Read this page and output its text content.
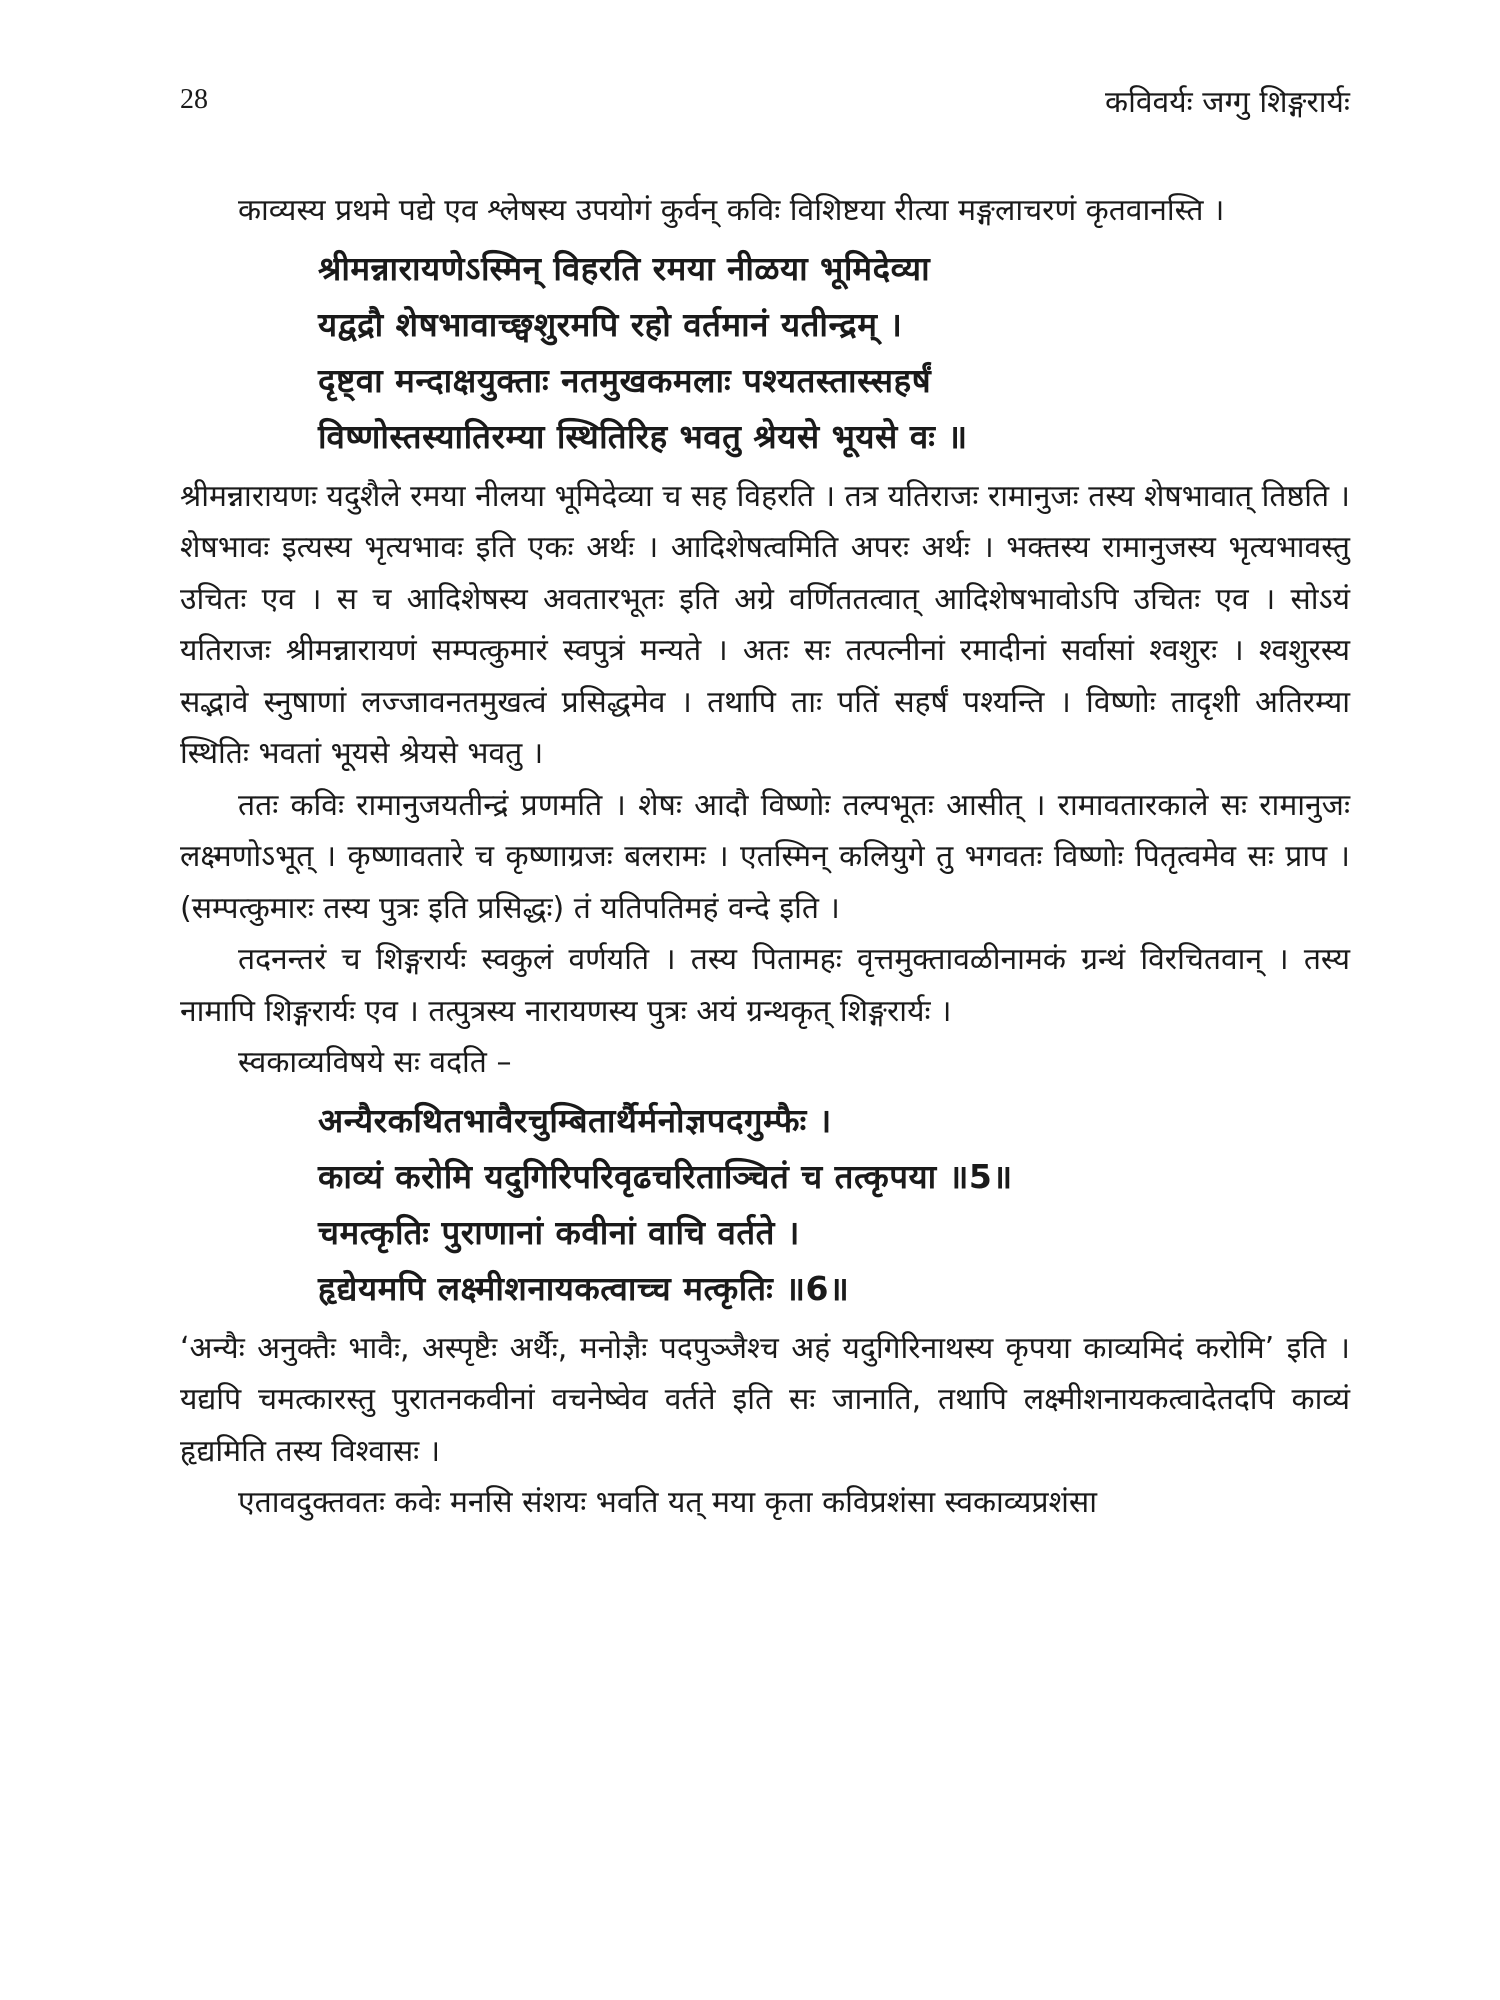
28	कविवर्यः जग्गु शिङ्गरार्यः

काव्यस्य प्रथमे पद्ये एव श्लेषस्य उपयोगं कुर्वन् कविः विशिष्टया रीत्या मङ्गलाचरणं कृतवानस्ति ।

श्रीमन्नारायणेऽस्मिन् विहरति रमया नीळया भूमिदेव्या
यद्वद्रौ शेषभावाच्छ्वशुरमपि रहो वर्तमानं यतीन्द्रम् ।
दृष्ट्वा मन्दाक्षयुक्ताः नतमुखकमलाः पश्यतस्तास्सहर्षं
विष्णोस्तस्यातिरम्या स्थितिरिह भवतु श्रेयसे भूयसे वः ॥

श्रीमन्नारायणः यदुशैले रमया नीलया भूमिदेव्या च सह विहरति । तत्र यतिराजः रामानुजः तस्य शेषभावात् तिष्ठति । शेषभावः इत्यस्य भृत्यभावः इति एकः अर्थः । आदिशेषत्वमिति अपरः अर्थः । भक्तस्य रामानुजस्य भृत्यभावस्तु उचितः एव । स च आदिशेषस्य अवतारभूतः इति अग्रे वर्णिततत्वात् आदिशेषभावोऽपि उचितः एव । सोऽयं यतिराजः श्रीमन्नारायणं सम्पत्कुमारं स्वपुत्रं मन्यते । अतः सः तत्पत्नीनां रमादीनां सर्वासां श्वशुरः । श्वशुरस्य सद्भावे स्नुषाणां लज्जावनतमुखत्वं प्रसिद्धमेव । तथापि ताः पतिं सहर्षं पश्यन्ति । विष्णोः तादृशी अतिरम्या स्थितिः भवतां भूयसे श्रेयसे भवतु ।

ततः कविः रामानुजयतीन्द्रं प्रणमति । शेषः आदौ विष्णोः तल्पभूतः आसीत् । रामावतारकाले सः रामानुजः लक्ष्मणोऽभूत् । कृष्णावतारे च कृष्णाग्रजः बलरामः । एतस्मिन् कलियुगे तु भगवतः विष्णोः पितृत्वमेव सः प्राप । (सम्पत्कुमारः तस्य पुत्रः इति प्रसिद्धः) तं यतिपतिमहं वन्दे इति ।

तदनन्तरं च शिङ्गरार्यः स्वकुलं वर्णयति । तस्य पितामहः वृत्तमुक्तावळीनामकं ग्रन्थं विरचितवान् । तस्य नामापि शिङ्गरार्यः एव । तत्पुत्रस्य नारायणस्य पुत्रः अयं ग्रन्थकृत् शिङ्गरार्यः ।

स्वकाव्यविषये सः वदति –

अन्यैरकथितभावैरचुम्बितार्थैर्मनोज्ञपदगुम्फैः ।
काव्यं करोमि यदुगिरिपरिवृढचरिताञ्चितं च तत्कृपया ॥5॥
चमत्कृतिः पुराणानां कवीनां वाचि वर्तते ।
हृद्येयमपि लक्ष्मीशनायकत्वाच्च मत्कृतिः ॥6॥

‘अन्यैः अनुक्तैः भावैः, अस्पृष्टैः अर्थैः, मनोज्ञैः पदपुञ्जैश्च अहं यदुगिरिनाथस्य कृपया काव्यमिदं करोमि’ इति । यद्यपि चमत्कारस्तु पुरातनकवीनां वचनेष्वेव वर्तते इति सः जानाति, तथापि लक्ष्मीशनायकत्वादेतदपि काव्यं हृद्यमिति तस्य विश्वासः ।

एतावदुक्तवतः कवेः मनसि संशयः भवति यत् मया कृता कविप्रशंसा स्वकाव्यप्रशंसा
